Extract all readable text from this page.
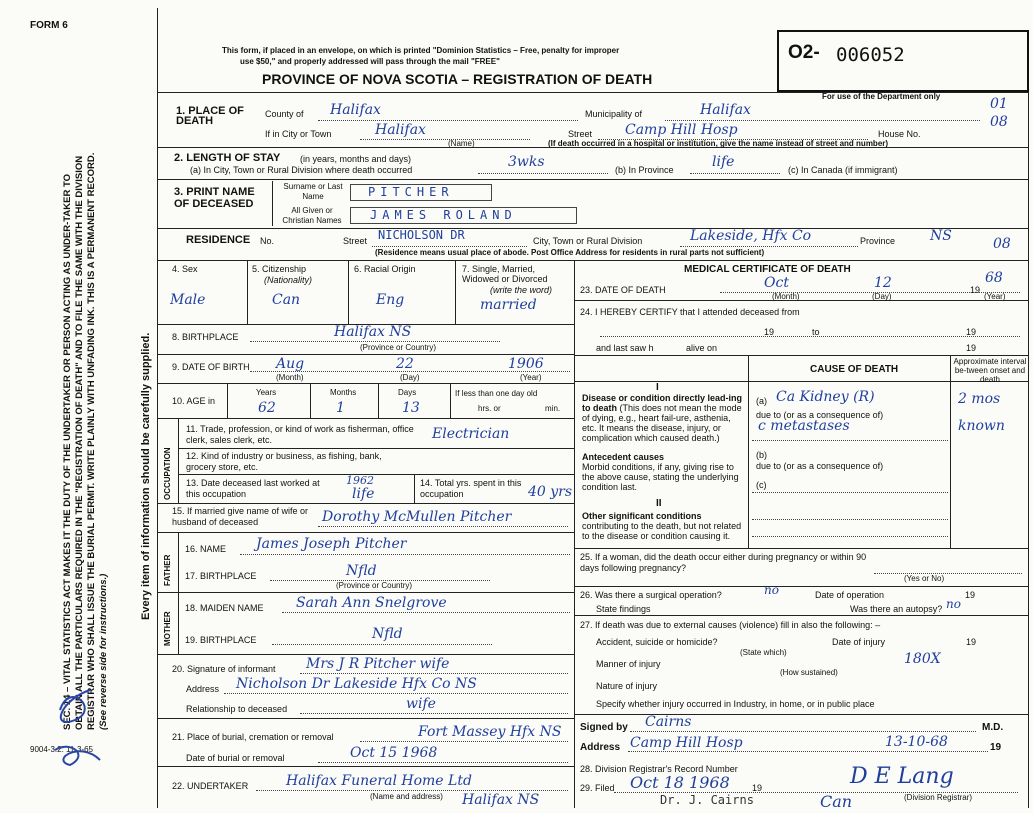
FORM 6
This form, if placed in an envelope, on which is printed "Dominion Statistics – Free, penalty for improper
use $50," and properly addressed will pass through the mail "FREE"
PROVINCE OF NOVA SCOTIA – REGISTRATION OF DEATH
O2- 006052
For use of the Department only	01
08
SEC. 14 – VITAL STATISTICS ACT MAKES IT THE DUTY OF THE UNDERTAKER OR PERSON ACTING AS UNDER-TAKER TO OBTAIN ALL THE PARTICULARS REQUIRED IN THE "REGISTRATION OF DEATH" AND TO FILE THE SAME WITH THE DIVISION REGISTRAR WHO SHALL ISSUE THE BURIAL PERMIT. WRITE PLAINLY WITH UNFADING INK. THIS IS A PERMANENT RECORD. (See reverse side for instructions.)
Every item of information should be carefully supplied.
9004-3.2: 11-3-65
1. PLACE OF DEATH
County of Halifax	Municipality of	Halifax
If in City or Town	Halifax	Street Camp Hill Hosp	House No.
(Name)	(If death occurred in a hospital or institution, give the name instead of street and number)
2. LENGTH OF STAY (in years, months and days)
(a) In City, Town or Rural Division where death occurred	3wks	(b) In Province	life	(c) In Canada (if immigrant)
3. PRINT NAME OF DECEASED
Surname or Last Name	PITCHER
All Given or Christian Names	JAMES ROLAND
RESIDENCE No.	Street NICHOLSON DR	City, Town or Rural Division	Lakeside, Hfx Co	Province NS	08
(Residence means usual place of abode. Post Office Address for residents in rural parts not sufficient)
4. Sex
Male
5. Citizenship
(Nationality)
Can
6. Racial Origin
Eng
7. Single, Married, Widowed or Divorced
(write the word)
married
8. BIRTHPLACE	Halifax NS
(Province or Country)
9. DATE OF BIRTH Aug	22	1906
(Month)	(Day)	(Year)
10. AGE in
Years
62
Months
1
Days
13
If less than one day old
hrs. or	min.
OCCUPATION
11. Trade, profession, or kind of work as fisherman, office clerk, sales clerk, etc.	Electrician
12. Kind of industry or business, as fishing, bank, grocery store, etc.
13. Date deceased last worked at this occupation
1962
life
14. Total yrs. spent in this occupation	40 yrs
15. If married give name of wife or husband of deceased	Dorothy McMullen Pitcher
FATHER
16. NAME James Joseph Pitcher
17. BIRTHPLACE	Nfld
(Province or Country)
MOTHER
18. MAIDEN NAME Sarah Ann Snelgrove
19. BIRTHPLACE	Nfld
20. Signature of informant Mrs J R Pitcher wife
Address Nicholson Dr Lakeside Hfx Co NS
Relationship to deceased	wife
21. Place of burial, cremation or removal	Fort Massey Hfx NS
Date of burial or removal	Oct 15 1968
22. UNDERTAKER	Halifax Funeral Home Ltd
(Name and address) Halifax NS
MEDICAL CERTIFICATE OF DEATH
23. DATE OF DEATH	Oct	12	19
68
(Month)	(Day)	(Year)
24. I HEREBY CERTIFY that I attended deceased from
19	to	19
and last saw h	alive on	19
CAUSE OF DEATH
Approximate interval be-tween onset and death
I
Disease or condition directly lead-ing to death (This does not mean the mode of dying, e.g., heart fail-ure, asthenia, etc. It means the disease, injury, or complication which caused death.)
(a) Ca Kidney (R)	2 mos
due to (or as a consequence of)
c metastases	known
Antecedent causes
Morbid conditions, if any, giving rise to the above cause, stating the underlying condition last.
(b)
due to (or as a consequence of)
(c)
II
Other significant conditions
contributing to the death, but not related to the disease or condition causing it.
25. If a woman, did the death occur either during pregnancy or within 90 days following pregnancy?
(Yes or No)
26. Was there a surgical operation?	no	Date of operation	19
State findings	Was there an autopsy? no
27. If death was due to external causes (violence) fill in also the following: –
Accident, suicide or homicide?	Date of injury	19
(State which)
Manner of injury	180X
(How sustained)
Nature of injury
Specify whether injury occurred in Industry, in home, or in public place
Signed by Cairns	M.D.
Address Camp Hill Hosp	13-10-68	19
28. Division Registrar's Record Number
29. Filed Oct 18 1968 19	D E Lang
(Division Registrar)
Dr. J. Cairns	Can
